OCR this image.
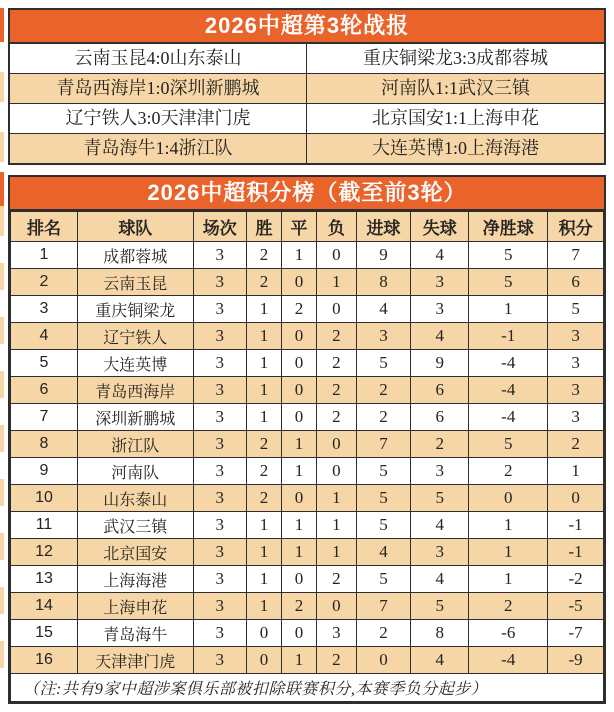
2026中超第3轮战报
云南玉昆4:0山东泰山	重庆铜梁龙3:3成都蓉城
青岛西海岸1:0深圳新鹏城	河南队1:1武汉三镇
辽宁铁人3:0天津津门虎	北京国安1:1上海申花
青岛海牛1:4浙江队	大连英博1:0上海海港
2026中超积分榜（截至前3轮）
排名	球队	场次	胜	平	负	进球	失球	净胜球	积分
1	成都蓉城	3	2	1	0	9	4	5	7
2	云南玉昆	3	2	0	1	8	3	5	6
3	重庆铜梁龙	3	1	2	0	4	3	1	5
4	辽宁铁人	3	1	0	2	3	4	-1	3
5	大连英博	3	1	0	2	5	9	-4	3
6	青岛西海岸	3	1	0	2	2	6	-4	3
7	深圳新鹏城	3	1	0	2	2	6	-4	3
8	浙江队	3	2	1	0	7	2	5	2
9	河南队	3	2	1	0	5	3	2	1
10	山东泰山	3	2	0	1	5	5	0	0
11	武汉三镇	3	1	1	1	5	4	1	-1
12	北京国安	3	1	1	1	4	3	1	-1
13	上海海港	3	1	0	2	5	4	1	-2
14	上海申花	3	1	2	0	7	5	2	-5
15	青岛海牛	3	0	0	3	2	8	-6	-7
16	天津津门虎	3	0	1	2	0	4	-4	-9
（注:共有9家中超涉案俱乐部被扣除联赛积分,本赛季负分起步）									
